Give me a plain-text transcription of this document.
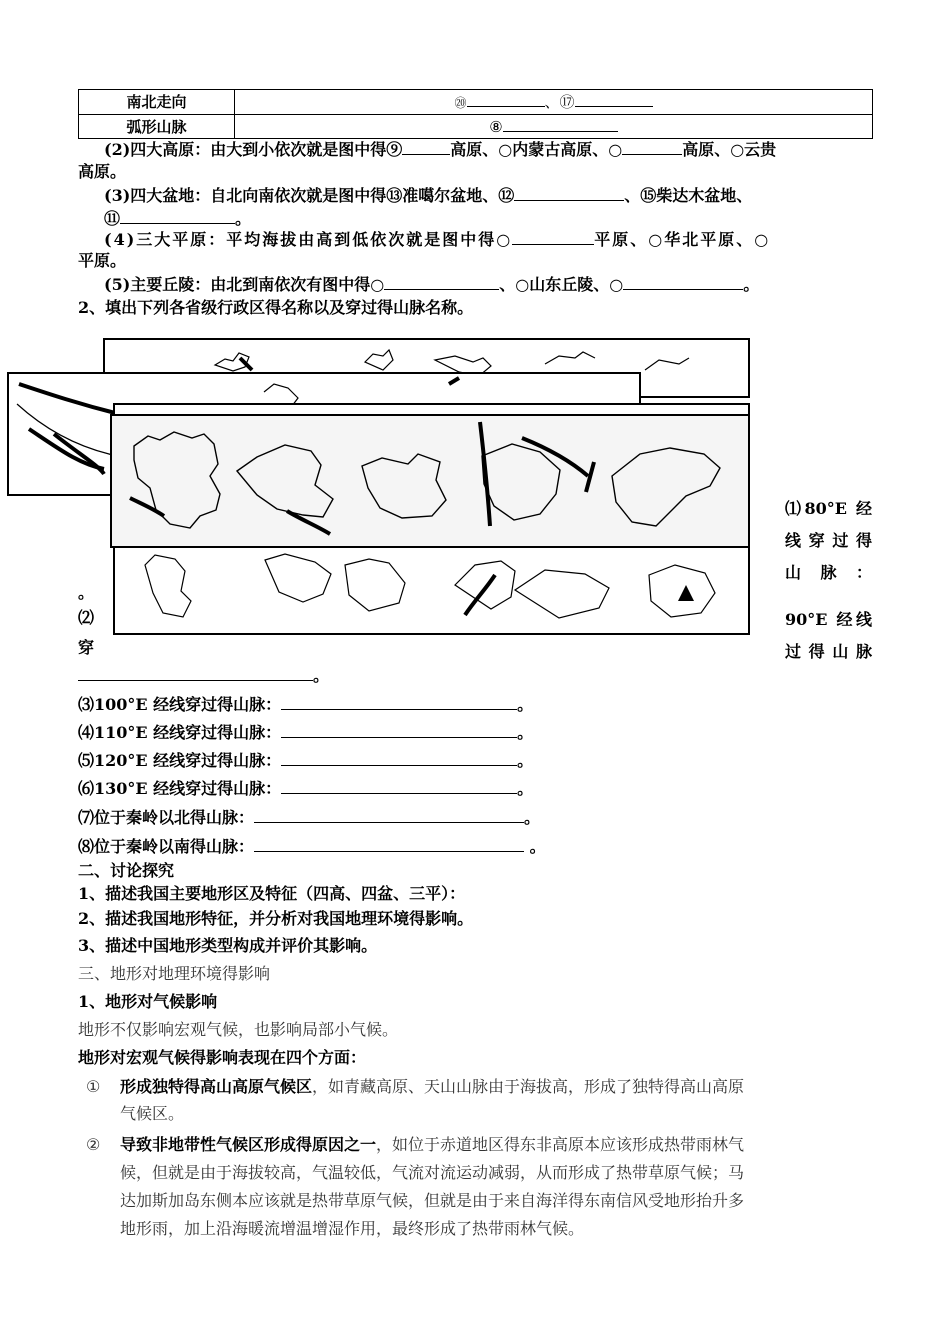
南北走向	⑳ 、⑰
弧形山脉	⑧
(2)四大高原：由大到小依次就是图中得⑨	高原、○内蒙古高原、○	高原、○云贵
高原。
(3)四大盆地：自北向南依次就是图中得⑬准噶尔盆地、⑫	、⑮柴达木盆地、
⑪	。
(4)三大平原：平均海拔由高到低依次就是图中得○	平原、○华北平原、○
平原。
(5)主要丘陵：由北到南依次有图中得○	、○山东丘陵、○	。
2、填出下列各省级行政区得名称以及穿过得山脉名称。
⑴80°E 经
线穿过得
山 脉 ：
。
⑵
穿
90°E 经线
过得山脉
。
⑶100°E 经线穿过得山脉：	。
⑷110°E 经线穿过得山脉：	。
⑸120°E 经线穿过得山脉：	。
⑹130°E 经线穿过得山脉：	。
⑺位于秦岭以北得山脉：	。
⑻位于秦岭以南得山脉：	。
二、讨论探究
1、描述我国主要地形区及特征（四高、四盆、三平）：
2、描述我国地形特征，并分析对我国地理环境得影响。
3、描述中国地形类型构成并评价其影响。
三、地形对地理环境得影响
1、地形对气候影响
地形不仅影响宏观气候，也影响局部小气候。
地形对宏观气候得影响表现在四个方面：
① 形成独特得高山高原气候区，如青藏高原、天山山脉由于海拔高，形成了独特得高山高原
气候区。
② 导致非地带性气候区形成得原因之一，如位于赤道地区得东非高原本应该形成热带雨林气
候，但就是由于海拔较高，气温较低，气流对流运动减弱，从而形成了热带草原气候；马
达加斯加岛东侧本应该就是热带草原气候，但就是由于来自海洋得东南信风受地形抬升多
地形雨，加上沿海暖流增温增湿作用，最终形成了热带雨林气候。
